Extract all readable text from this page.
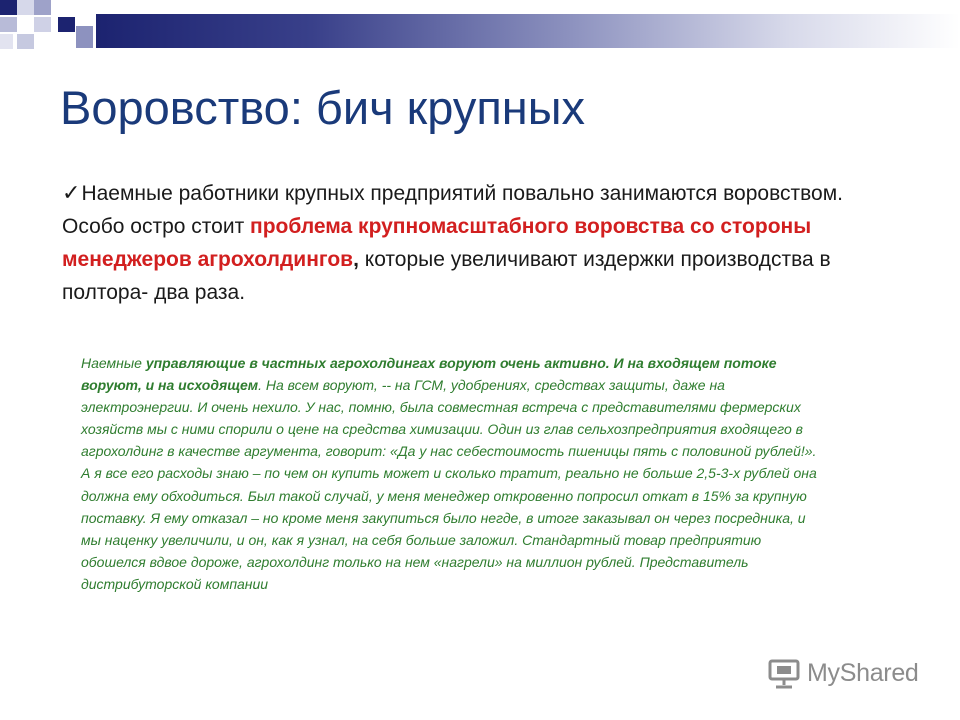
Воровство: бич крупных

✓Наемные работники крупных предприятий повально занимаются воровством. Особо остро стоит проблема крупномасштабного воровства со стороны менеджеров агрохолдингов, которые увеличивают издержки производства в полтора- два раза.

Наемные управляющие в частных агрохолдингах воруют очень активно. И на входящем потоке воруют, и на исходящем. На всем воруют, -- на ГСМ, удобрениях, средствах защиты, даже на электроэнергии. И очень нехило. У нас, помню, была совместная встреча с представителями фермерских хозяйств мы с ними спорили о цене на средства химизации. Один из глав сельхозпредприятия входящего в агрохолдинг в качестве аргумента, говорит: «Да у нас себестоимость пшеницы пять с половиной рублей!». А я все его расходы знаю – по чем он купить может и сколько тратит, реально не больше 2,5-3-х рублей она должна ему обходиться. Был такой случай, у меня менеджер откровенно попросил откат в 15% за крупную поставку. Я ему отказал – но кроме меня закупиться было негде, в итоге заказывал он через посредника, и мы наценку увеличили, и он, как я узнал, на себя больше заложил. Стандартный товар предприятию обошелся вдвое дороже, агрохолдинг только на нем «нагрели» на миллион рублей. Представитель дистрибуторской компании

MyShared
